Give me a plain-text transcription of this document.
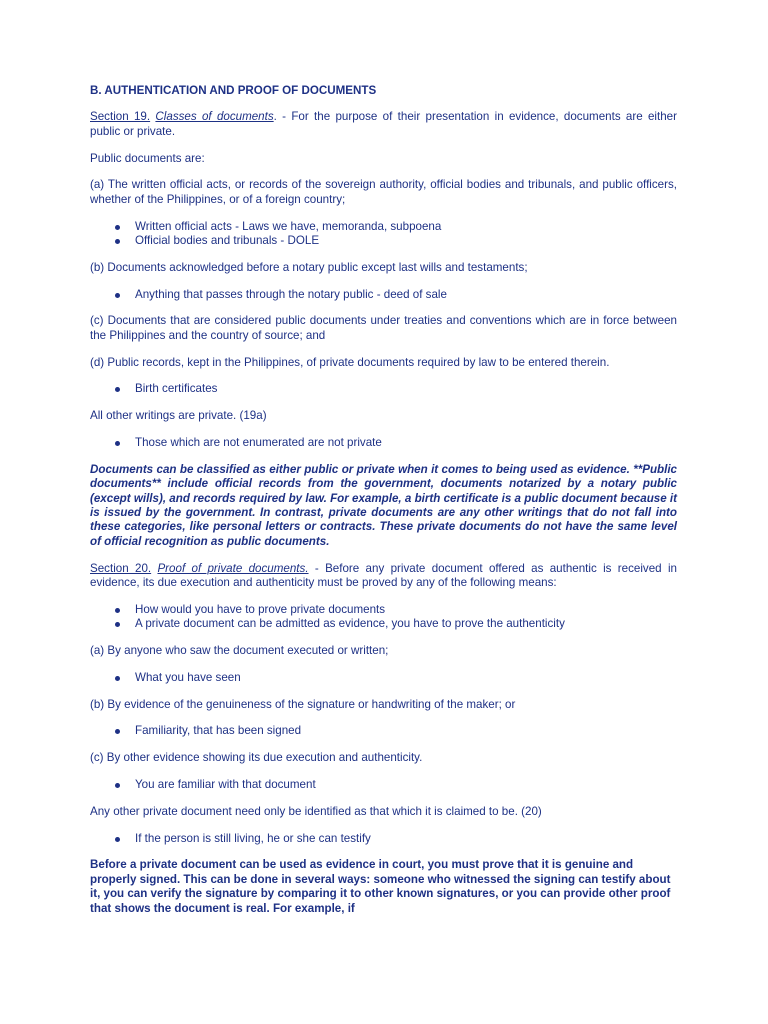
B. AUTHENTICATION AND PROOF OF DOCUMENTS

Section 19. Classes of documents. - For the purpose of their presentation in evidence, documents are either public or private.

Public documents are:

(a) The written official acts, or records of the sovereign authority, official bodies and tribunals, and public officers, whether of the Philippines, or of a foreign country;

Written official acts - Laws we have, memoranda, subpoena
Official bodies and tribunals - DOLE

(b) Documents acknowledged before a notary public except last wills and testaments;

Anything that passes through the notary public - deed of sale

(c) Documents that are considered public documents under treaties and conventions which are in force between the Philippines and the country of source; and

(d) Public records, kept in the Philippines, of private documents required by law to be entered therein.

Birth certificates

All other writings are private. (19a)

Those which are not enumerated are not private

Documents can be classified as either public or private when it comes to being used as evidence. **Public documents** include official records from the government, documents notarized by a notary public (except wills), and records required by law. For example, a birth certificate is a public document because it is issued by the government. In contrast, private documents are any other writings that do not fall into these categories, like personal letters or contracts. These private documents do not have the same level of official recognition as public documents.

Section 20. Proof of private documents. - Before any private document offered as authentic is received in evidence, its due execution and authenticity must be proved by any of the following means:

How would you have to prove private documents
A private document can be admitted as evidence, you have to prove the authenticity

(a) By anyone who saw the document executed or written;

What you have seen

(b) By evidence of the genuineness of the signature or handwriting of the maker; or

Familiarity, that has been signed

(c) By other evidence showing its due execution and authenticity.

You are familiar with that document

Any other private document need only be identified as that which it is claimed to be. (20)

If the person is still living, he or she can testify

Before a private document can be used as evidence in court, you must prove that it is genuine and properly signed. This can be done in several ways: someone who witnessed the signing can testify about it, you can verify the signature by comparing it to other known signatures, or you can provide other proof that shows the document is real. For example, if
